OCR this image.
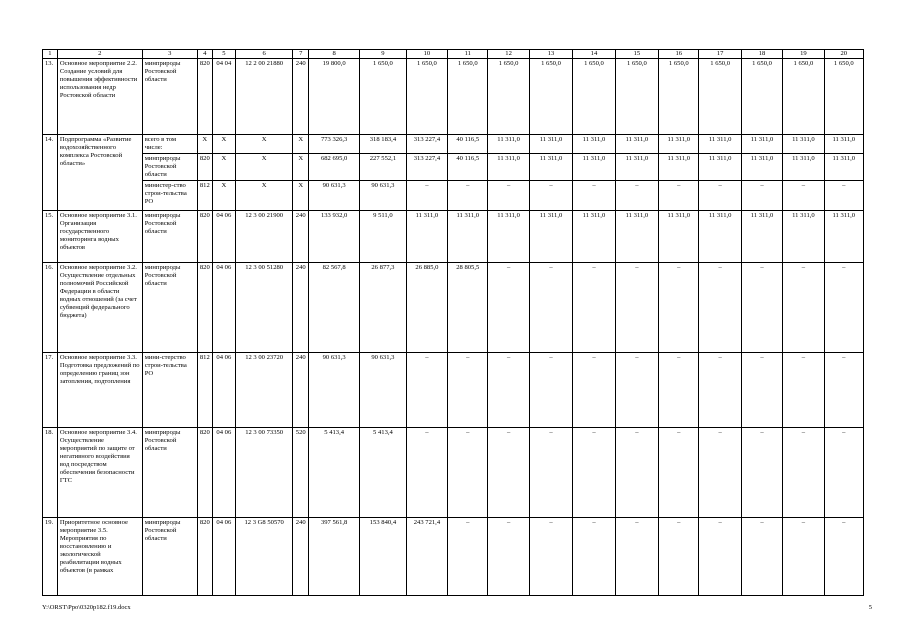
1	2	3	4	5	6	7	8	9	10	11	12	13	14	15	16	17	18	19	20
13.	Основное мероприятие 2.2. Создание условий для повышения эффективности использования недр Ростовской области	минприроды Ростовской области	820	04 04	12 2 00 21880	240	19 800,0	1 650,0	1 650,0	1 650,0	1 650,0	1 650,0	1 650,0	1 650,0	1 650,0	1 650,0	1 650,0	1 650,0	1 650,0
14.	Подпрограмма «Развитие водохозяйственного комплекса Ростовской области»	всего в том числе:	X	X	X	X	773 326,3	318 183,4	313 227,4	40 116,5	11 311,0	11 311,0	11 311,0	11 311,0	11 311,0	11 311,0	11 311,0	11 311,0	11 311,0
		минприроды Ростовской области	820	X	X	X	682 695,0	227 552,1	313 227,4	40 116,5	11 311,0	11 311,0	11 311,0	11 311,0	11 311,0	11 311,0	11 311,0	11 311,0	11 311,0
		министер-ство строи-тельства РО	812	X	X	X	90 631,3	90 631,3	–	–	–	–	–	–	–	–	–	–	–
15.	Основное мероприятие 3.1. Организация государственного мониторинга водных объектов	минприроды Ростовской области	820	04 06	12 3 00 21900	240	133 932,0	9 511,0	11 311,0	11 311,0	11 311,0	11 311,0	11 311,0	11 311,0	11 311,0	11 311,0	11 311,0	11 311,0	11 311,0
16.	Основное мероприятие 3.2. Осуществление отдельных полномочий Российской Федерации в области водных отношений (за счет субвенций федерального бюджета)	минприроды Ростовской области	820	04 06	12 3 00 51280	240	82 567,8	26 877,3	26 885,0	28 805,5	–	–	–	–	–	–	–	–	–
17.	Основное мероприятие 3.3. Подготовка предложений по определению границ зон затопления, подтопления	мини-стерство строи-тельства РО	812	04 06	12 3 00 23720	240	90 631,3	90 631,3	–	–	–	–	–	–	–	–	–	–	–
18.	Основное мероприятие 3.4. Осуществление мероприятий по защите от негативного воздействия вод посредством обеспечения безопасности ГТС	минприроды Ростовской области	820	04 06	12 3 00 73350	520	5 413,4	5 413,4	–	–	–	–	–	–	–	–	–	–	–
19.	Приоритетное основное мероприятие 3.5. Мероприятия по восстановлению и экологической реабилитации водных объектов (в рамках	минприроды Ростовской области	820	04 06	12 3 G8 50570	240	397 561,8	153 840,4	243 721,4	–	–	–	–	–	–	–	–	–	–
Y:\ORST\Ppo\0320p182.f19.docx	5
